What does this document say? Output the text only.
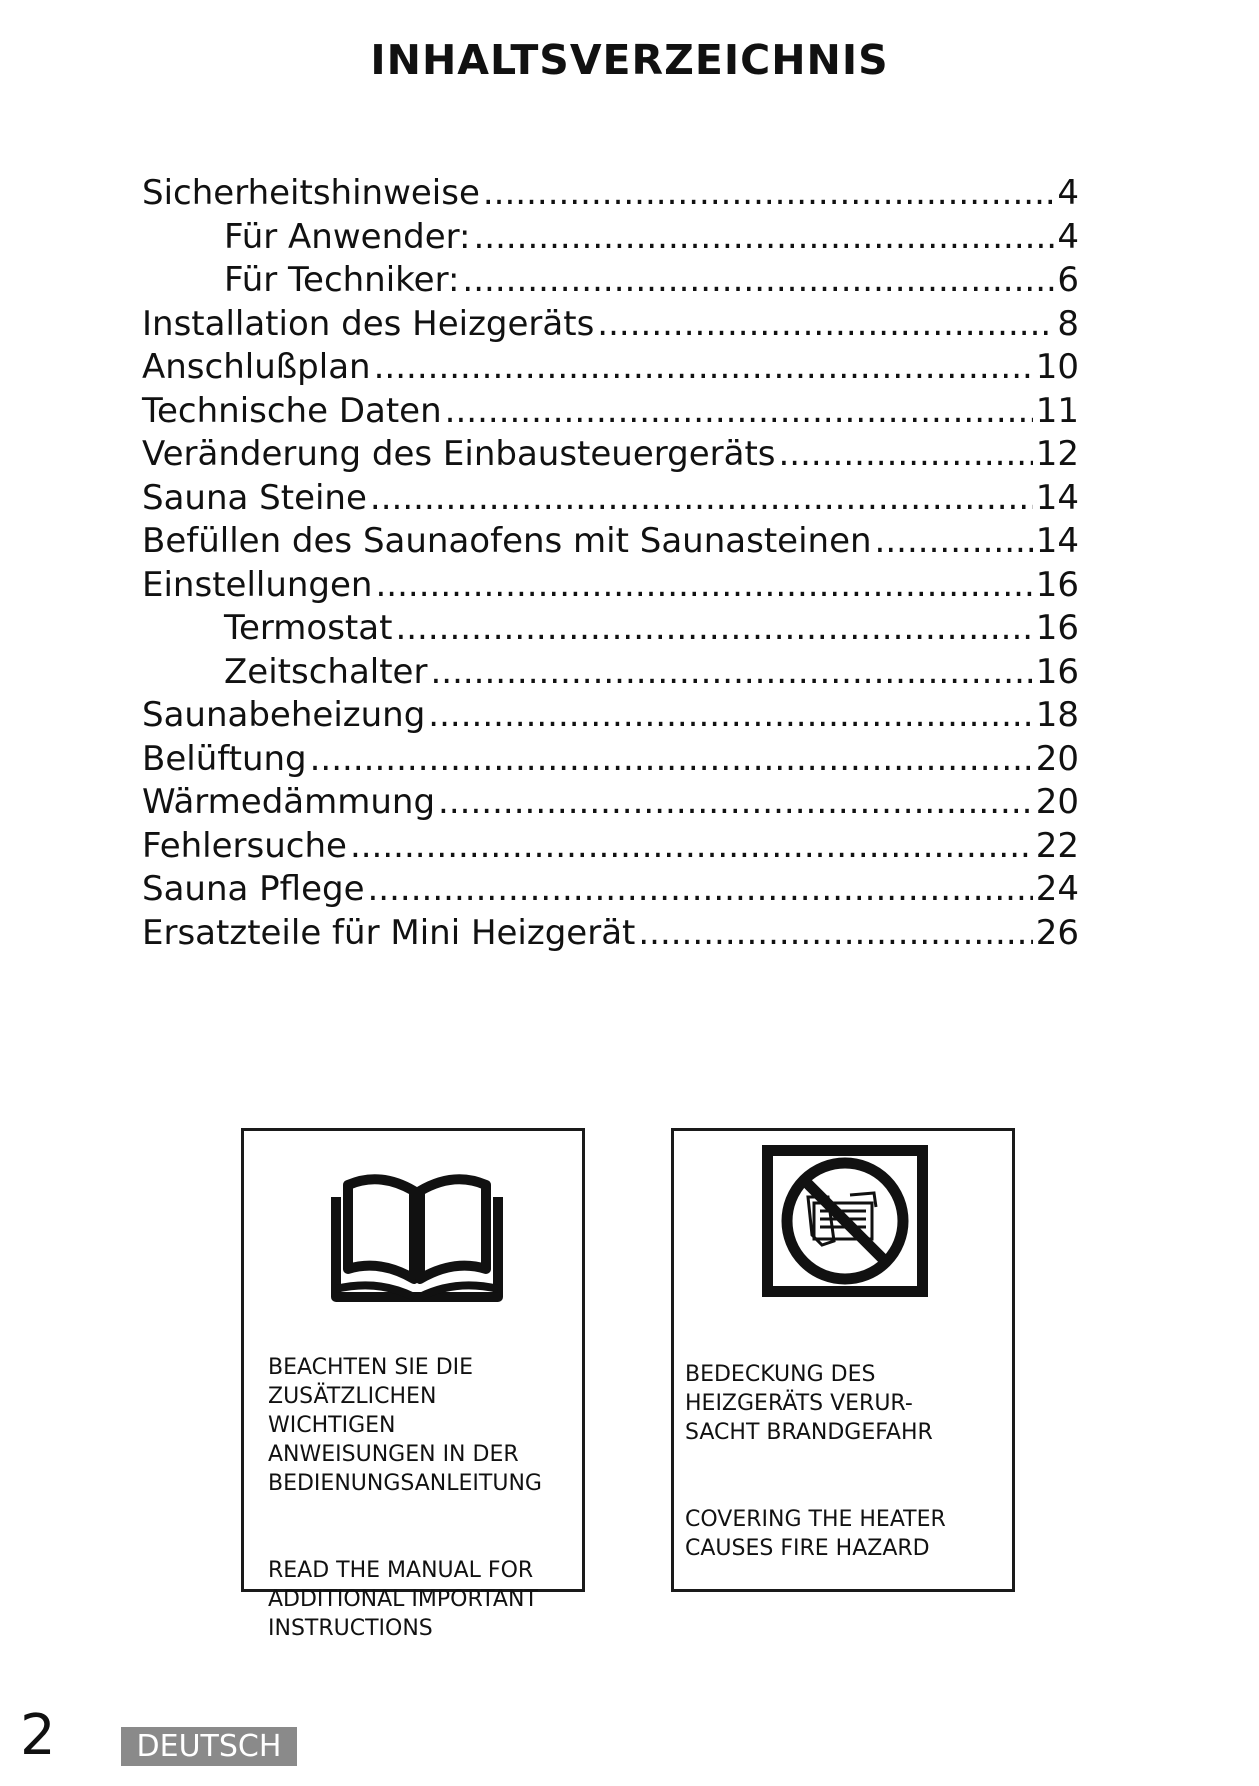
INHALTSVERZEICHNIS
Sicherheitshinweise .....	4
Für Anwender: .....	4
Für Techniker: .....	6
Installation des Heizgeräts .....	8
Anschlußplan .....	10
Technische Daten .....	11
Veränderung des Einbausteuergeräts .....	12
Sauna Steine .....	14
Befüllen des Saunaofens mit Saunasteinen .....	14
Einstellungen .....	16
Termostat .....	16
Zeitschalter .....	16
Saunabeheizung .....	18
Belüftung .....	20
Wärmedämmung .....	20
Fehlersuche .....	22
Sauna Pflege .....	24
Ersatzteile für Mini Heizgerät .....	26

BEACHTEN SIE DIE
ZUSÄTZLICHEN
WICHTIGEN
ANWEISUNGEN IN DER
BEDIENUNGSANLEITUNG

READ THE MANUAL FOR
ADDITIONAL IMPORTANT
INSTRUCTIONS

BEDECKUNG DES
HEIZGERÄTS VERUR-
SACHT BRANDGEFAHR

COVERING THE HEATER
CAUSES FIRE HAZARD

2	DEUTSCH
